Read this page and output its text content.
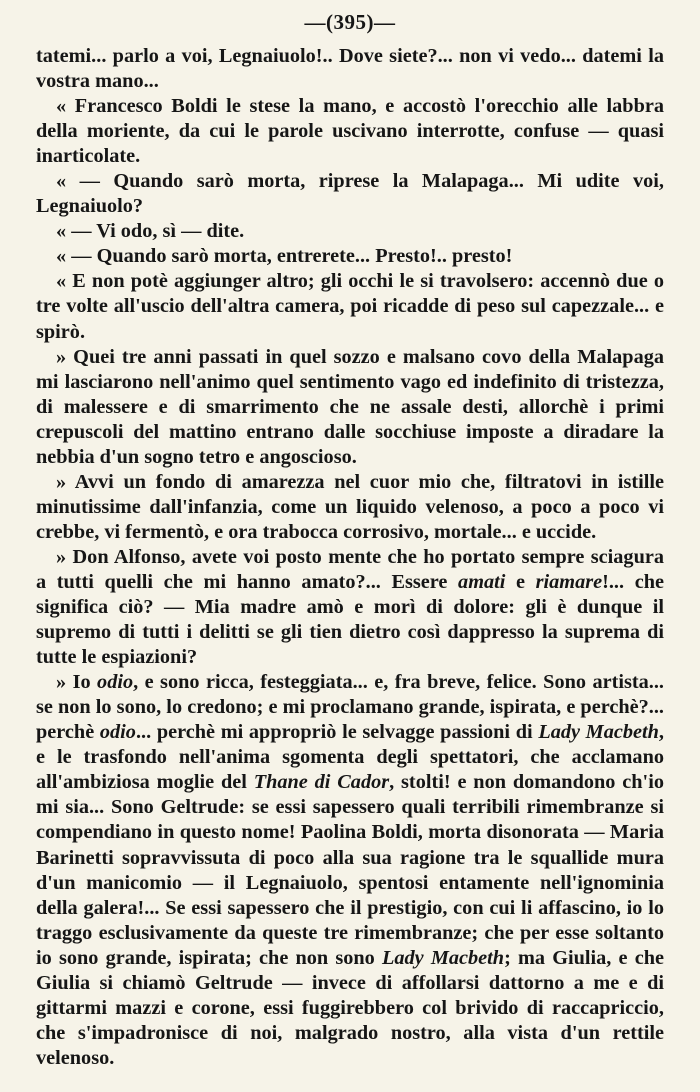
—(395)—

tatemi... parlo a voi, Legnaiuolo!.. Dove siete?... non vi vedo... datemi la vostra mano...

« Francesco Boldi le stese la mano, e accostò l'orecchio alle labbra della moriente, da cui le parole uscivano interrotte, confuse — quasi inarticolate.

« — Quando sarò morta, riprese la Malapaga... Mi udite voi, Legnaiuolo?

« — Vi odo, sì — dite.

« — Quando sarò morta, entrerete... Presto!.. presto!

« E non potè aggiunger altro; gli occhi le si travolsero: accennò due o tre volte all'uscio dell'altra camera, poi ricadde di peso sul capezzale... e spirò.

» Quei tre anni passati in quel sozzo e malsano covo della Malapaga mi lasciarono nell'animo quel sentimento vago ed indefinito di tristezza, di malessere e di smarrimento che ne assale desti, allorchè i primi crepuscoli del mattino entrano dalle socchiuse imposte a diradare la nebbia d'un sogno tetro e angoscioso.

» Avvi un fondo di amarezza nel cuor mio che, filtratovi in istille minutissime dall'infanzia, come un liquido velenoso, a poco a poco vi crebbe, vi fermentò, e ora trabocca corrosivo, mortale... e uccide.

» Don Alfonso, avete voi posto mente che ho portato sempre sciagura a tutti quelli che mi hanno amato?... Essere amati e riamare!... che significa ciò? — Mia madre amò e morì di dolore: gli è dunque il supremo di tutti i delitti se gli tien dietro così dappresso la suprema di tutte le espiazioni?

» Io odio, e sono ricca, festeggiata... e, fra breve, felice. Sono artista... se non lo sono, lo credono; e mi proclamano grande, ispirata, e perchè?... perchè odio... perchè mi appropriò le selvagge passioni di Lady Macbeth, e le trasfondo nell'anima sgomenta degli spettatori, che acclamano all'ambiziosa moglie del Thane di Cador, stolti! e non domandono ch'io mi sia... Sono Geltrude: se essi sapessero quali terribili rimembranze si compendiano in questo nome! Paolina Boldi, morta disonorata — Maria Barinetti sopravvissuta di poco alla sua ragione tra le squallide mura d'un manicomio — il Legnaiuolo, spentosi entamente nell'ignominia della galera!... Se essi sapessero che il prestigio, con cui li affascino, io lo traggo esclusivamente da queste tre rimembranze; che per esse soltanto io sono grande, ispirata; che non sono Lady Macbeth; ma Giulia, e che Giulia si chiamò Geltrude — invece di affollarsi dattorno a me e di gittarmi mazzi e corone, essi fuggirebbero col brivido di raccapriccio, che s'impadronisce di noi, malgrado nostro, alla vista d'un rettile velenoso.
